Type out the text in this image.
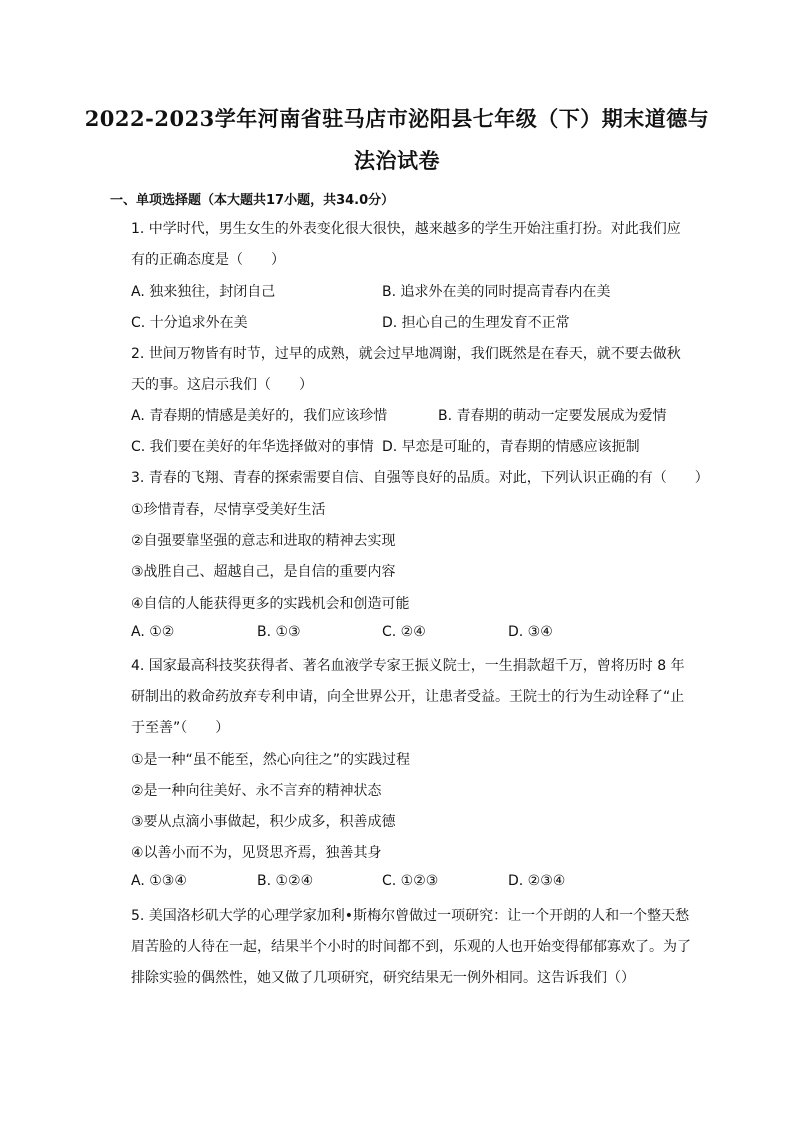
2022-2023学年河南省驻马店市泌阳县七年级（下）期末道德与
法治试卷
一、单项选择题（本大题共17小题，共34.0分）
1. 中学时代，男生女生的外表变化很大很快，越来越多的学生开始注重打扮。对此我们应
有的正确态度是（　　）
A. 独来独往，封闭自己	B. 追求外在美的同时提高青春内在美
C. 十分追求外在美	D. 担心自己的生理发育不正常
2. 世间万物皆有时节，过早的成熟，就会过早地凋谢，我们既然是在春天，就不要去做秋
天的事。这启示我们（　　）
A. 青春期的情感是美好的，我们应该珍惜	B. 青春期的萌动一定要发展成为爱情
C. 我们要在美好的年华选择做对的事情 D. 早恋是可耻的，青春期的情感应该扼制
3. 青春的飞翔、青春的探索需要自信、自强等良好的品质。对此，下列认识正确的有（　　）
①珍惜青春，尽情享受美好生活
②自强要靠坚强的意志和进取的精神去实现
③战胜自己、超越自己，是自信的重要内容
④自信的人能获得更多的实践机会和创造可能
A. ①②	B. ①③	C. ②④	D. ③④
4. 国家最高科技奖获得者、著名血液学专家王振义院士，一生捐款超千万，曾将历时 8 年
研制出的救命药放弃专利申请，向全世界公开，让患者受益。王院士的行为生动诠释了“止
于至善”（　　）
①是一种“虽不能至，然心向往之”的实践过程
②是一种向往美好、永不言弃的精神状态
③要从点滴小事做起，积少成多，积善成德
④以善小而不为，见贤思齐焉，独善其身
A. ①③④	B. ①②④	C. ①②③	D. ②③④
5. 美国洛杉矶大学的心理学家加利•斯梅尔曾做过一项研究：让一个开朗的人和一个整天愁
眉苦脸的人待在一起，结果半个小时的时间都不到，乐观的人也开始变得郁郁寡欢了。为了
排除实验的偶然性，她又做了几项研究，研究结果无一例外相同。这告诉我们（）
